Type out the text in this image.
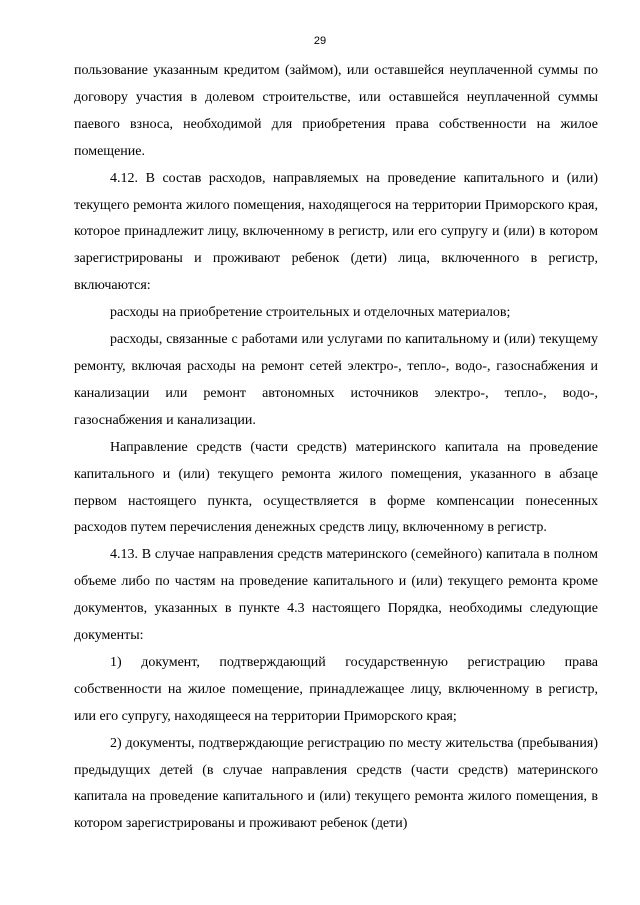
29

пользование указанным кредитом (займом), или оставшейся неуплаченной суммы по договору участия в долевом строительстве, или оставшейся неуплаченной суммы паевого взноса, необходимой для приобретения права собственности на жилое помещение.

4.12. В состав расходов, направляемых на проведение капитального и (или) текущего ремонта жилого помещения, находящегося на территории Приморского края, которое принадлежит лицу, включенному в регистр, или его супругу и (или) в котором зарегистрированы и проживают ребенок (дети) лица, включенного в регистр, включаются:

расходы на приобретение строительных и отделочных материалов;

расходы, связанные с работами или услугами по капитальному и (или) текущему ремонту, включая расходы на ремонт сетей электро-, тепло-, водо-, газоснабжения и канализации или ремонт автономных источников электро-, тепло-, водо-, газоснабжения и канализации.

Направление средств (части средств) материнского капитала на проведение капитального и (или) текущего ремонта жилого помещения, указанного в абзаце первом настоящего пункта, осуществляется в форме компенсации понесенных расходов путем перечисления денежных средств лицу, включенному в регистр.

4.13. В случае направления средств материнского (семейного) капитала в полном объеме либо по частям на проведение капитального и (или) текущего ремонта кроме документов, указанных в пункте 4.3 настоящего Порядка, необходимы следующие документы:

1) документ, подтверждающий государственную регистрацию права собственности на жилое помещение, принадлежащее лицу, включенному в регистр, или его супругу, находящееся на территории Приморского края;

2) документы, подтверждающие регистрацию по месту жительства (пребывания) предыдущих детей (в случае направления средств (части средств) материнского капитала на проведение капитального и (или) текущего ремонта жилого помещения, в котором зарегистрированы и проживают ребенок (дети)
